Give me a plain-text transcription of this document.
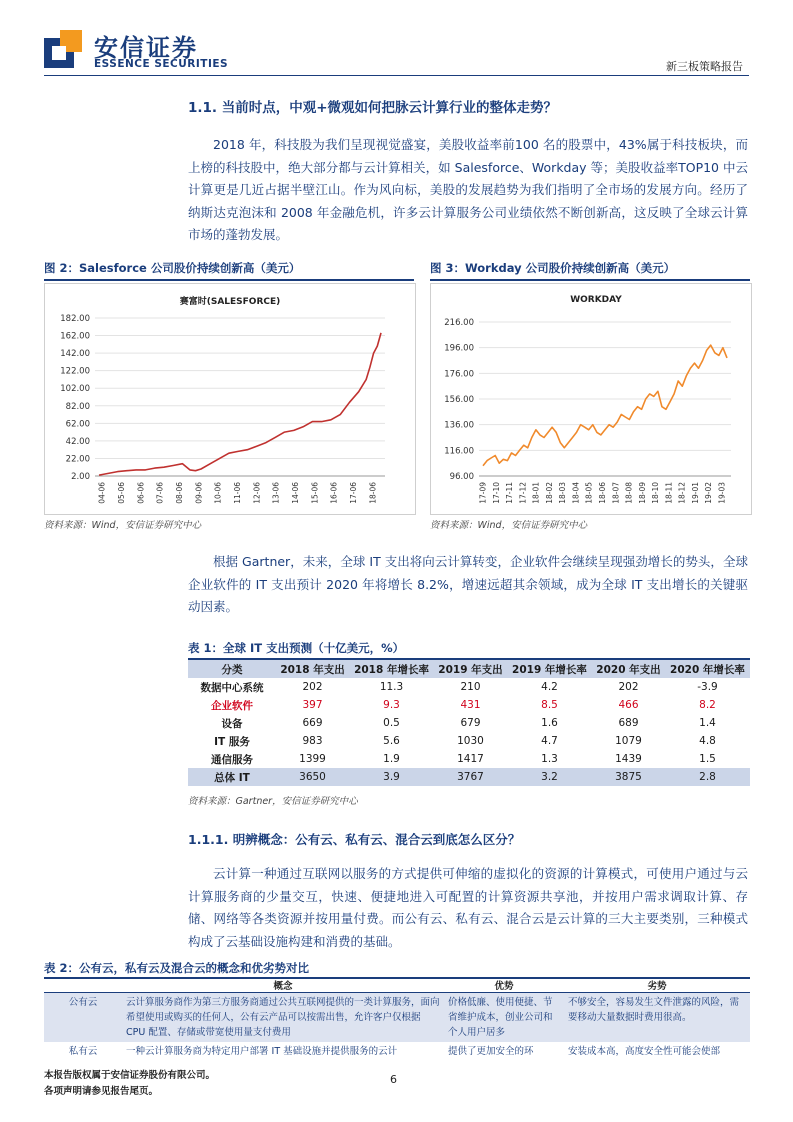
安信证券
ESSENCE SECURITIES	新三板策略报告
1.1. 当前时点，中观+微观如何把脉云计算行业的整体走势？

2018 年，科技股为我们呈现视觉盛宴，美股收益率前100 名的股票中，43%属于科技板块，而上榜的科技股中，绝大部分都与云计算相关，如 Salesforce、Workday 等；美股收益率TOP10 中云计算更是几近占据半壁江山。作为风向标，美股的发展趋势为我们指明了全市场的发展方向。经历了纳斯达克泡沫和 2008 年金融危机，许多云计算服务公司业绩依然不断创新高，这反映了全球云计算市场的蓬勃发展。

图 2：Salesforce 公司股价持续创新高（美元）	图 3：Workday 公司股价持续创新高（美元）
赛富时(SALESFORCE)
2.00
22.00
42.00
62.00
82.00
102.00
122.00
142.00
162.00
182.00
04-06 05-06 06-06 07-06 08-06 09-06 10-06 11-06 12-06 13-06 14-06 15-06 16-06 17-06 18-06
WORKDAY
96.00
116.00
136.00
156.00
176.00
196.00
216.00
17-09 17-10 17-11 17-12 18-01 18-02 18-03 18-04 18-05 18-06 18-07 18-08 18-09 18-10 18-11 18-12 19-01 19-02 19-03
资料来源：Wind，安信证券研究中心	资料来源：Wind，安信证券研究中心

根据 Gartner，未来，全球 IT 支出将向云计算转变，企业软件会继续呈现强劲增长的势头，全球企业软件的 IT 支出预计 2020 年将增长 8.2%，增速远超其余领域，成为全球 IT 支出增长的关键驱动因素。

表 1：全球 IT 支出预测（十亿美元，%）
分类	2018 年支出	2018 年增长率	2019 年支出	2019 年增长率	2020 年支出	2020 年增长率
数据中心系统	202	11.3	210	4.2	202	-3.9
企业软件	397	9.3	431	8.5	466	8.2
设备	669	0.5	679	1.6	689	1.4
IT 服务	983	5.6	1030	4.7	1079	4.8
通信服务	1399	1.9	1417	1.3	1439	1.5
总体 IT	3650	3.9	3767	3.2	3875	2.8
资料来源：Gartner，安信证券研究中心
1.1.1. 明辨概念：公有云、私有云、混合云到底怎么区分？

云计算一种通过互联网以服务的方式提供可伸缩的虚拟化的资源的计算模式，可使用户通过与云计算服务商的少量交互，快速、便捷地进入可配置的计算资源共享池，并按用户需求调取计算、存储、网络等各类资源并按用量付费。而公有云、私有云、混合云是云计算的三大主要类别，三种模式构成了云基础设施构建和消费的基础。

表 2：公有云，私有云及混合云的概念和优劣势对比
	概念	优势	劣势
公有云	云计算服务商作为第三方服务商通过公共互联网提供的一类计算服务，面向希望使用或购买的任何人，公有云产品可以按需出售，允许客户仅根据 CPU 配置、存储或带宽使用量支付费用	价格低廉、使用便捷、节省维护成本，创业公司和个人用户居多	不够安全，容易发生文件泄露的风险，需要移动大量数据时费用很高。
私有云	一种云计算服务商为特定用户部署 IT 基础设施并提供服务的云计	提供了更加安全的环	安装成本高，高度安全性可能会使部
本报告版权属于安信证券股份有限公司。
各项声明请参见报告尾页。
6
